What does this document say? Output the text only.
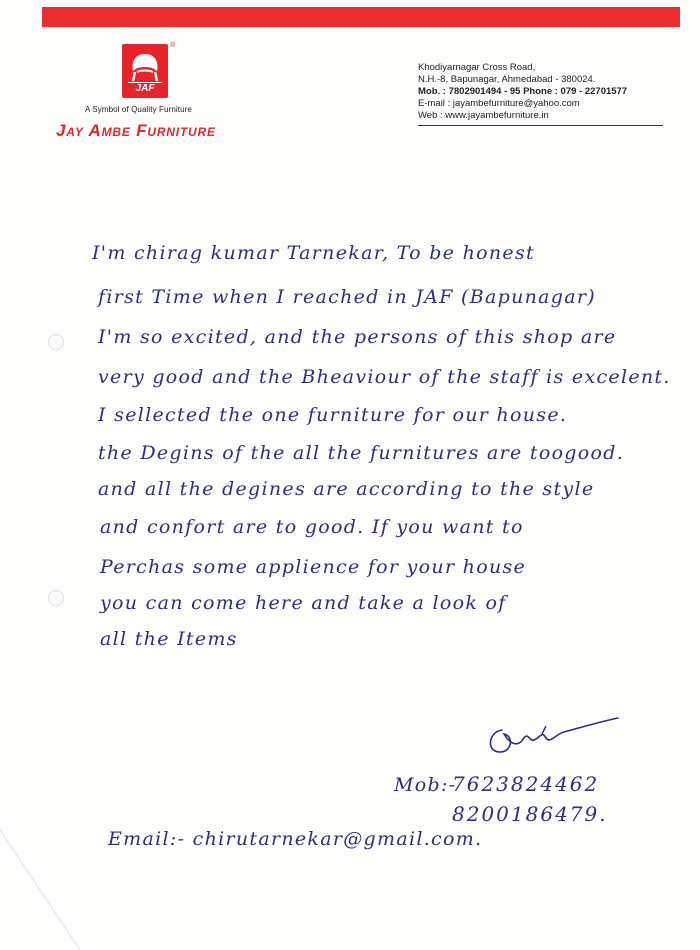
JAF
®
A Symbol of Quality Furniture
Jay Ambe Furniture
Khodiyarnagar Cross Road,
N.H.-8, Bapunagar, Ahmedabad - 380024.
Mob. : 7802901494 - 95 Phone : 079 - 22701577
E-mail : jayambefurniture@yahoo.com
Web : www.jayambefurniture.in
I'm chirag kumar Tarnekar, To be honest
first Time when I reached in JAF (Bapunagar)
I'm so excited, and the persons of this shop are
very good and the Bheaviour of the staff is excelent.
I sellected the one furniture for our house.
the Degins of the all the furnitures are toogood.
and all the degines are according to the style
and confort are to good. If you want to
Perchas some applience for your house
you can come here and take a look of
all the Items
Mob:-
7623824462
8200186479.
Email:- chirutarnekar@gmail.com.
